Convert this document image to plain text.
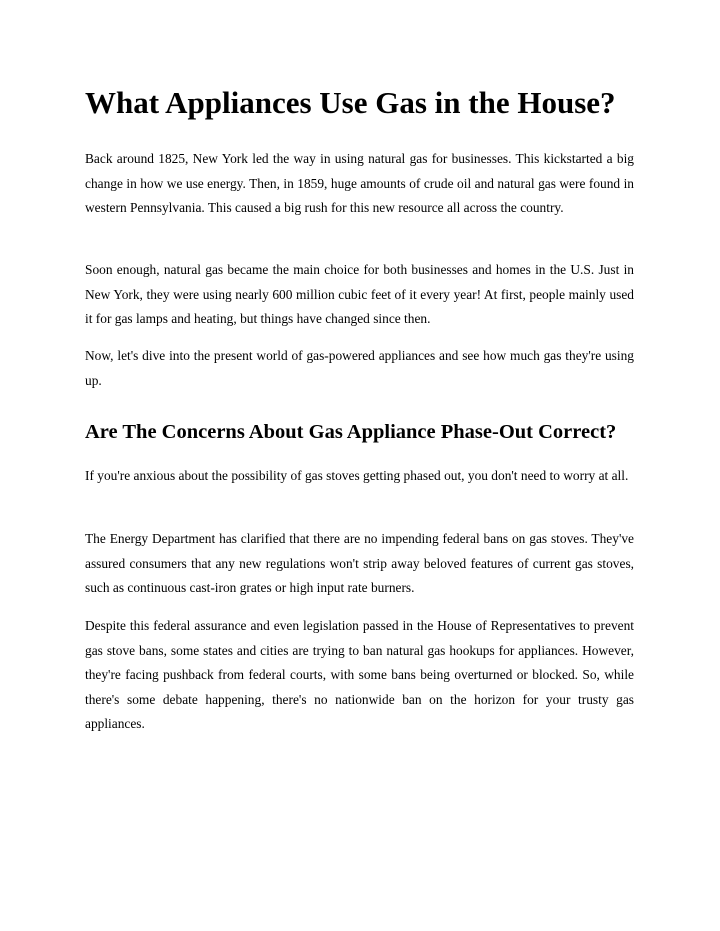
What Appliances Use Gas in the House?

Back around 1825, New York led the way in using natural gas for businesses. This kickstarted a big change in how we use energy. Then, in 1859, huge amounts of crude oil and natural gas were found in western Pennsylvania. This caused a big rush for this new resource all across the country.

Soon enough, natural gas became the main choice for both businesses and homes in the U.S. Just in New York, they were using nearly 600 million cubic feet of it every year! At first, people mainly used it for gas lamps and heating, but things have changed since then.

Now, let's dive into the present world of gas-powered appliances and see how much gas they're using up.

Are The Concerns About Gas Appliance Phase-Out Correct?

If you're anxious about the possibility of gas stoves getting phased out, you don't need to worry at all.

The Energy Department has clarified that there are no impending federal bans on gas stoves. They've assured consumers that any new regulations won't strip away beloved features of current gas stoves, such as continuous cast-iron grates or high input rate burners.

Despite this federal assurance and even legislation passed in the House of Representatives to prevent gas stove bans, some states and cities are trying to ban natural gas hookups for appliances. However, they're facing pushback from federal courts, with some bans being overturned or blocked. So, while there's some debate happening, there's no nationwide ban on the horizon for your trusty gas appliances.
